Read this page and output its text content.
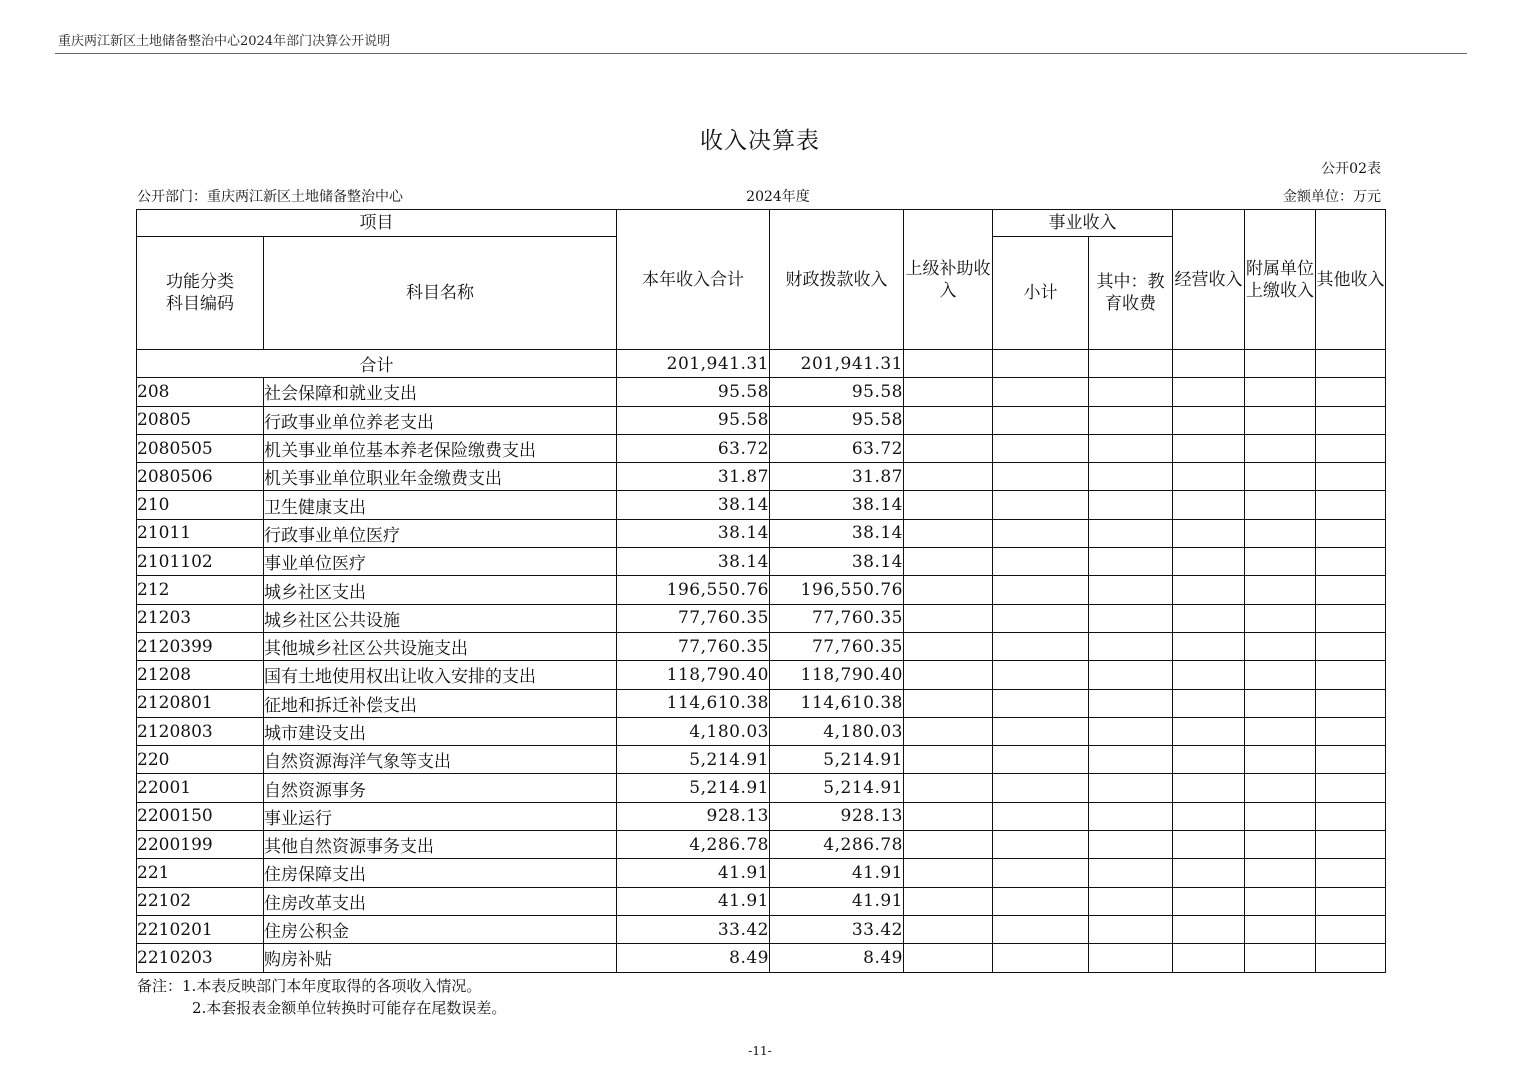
重庆两江新区土地储备整治中心2024年部门决算公开说明
收入决算表
公开02表
公开部门：重庆两江新区土地储备整治中心	2024年度	金额单位：万元
项目		本年收入合计	财政拨款收入	上级补助收入	事业收入		经营收入	附属单位上缴收入	其他收入
功能分类科目编码	科目名称				小计	其中：教育收费			
合计		201,941.31	201,941.31						
208	社会保障和就业支出	95.58	95.58						
20805	行政事业单位养老支出	95.58	95.58						
2080505	机关事业单位基本养老保险缴费支出	63.72	63.72						
2080506	机关事业单位职业年金缴费支出	31.87	31.87						
210	卫生健康支出	38.14	38.14						
21011	行政事业单位医疗	38.14	38.14						
2101102	事业单位医疗	38.14	38.14						
212	城乡社区支出	196,550.76	196,550.76						
21203	城乡社区公共设施	77,760.35	77,760.35						
2120399	其他城乡社区公共设施支出	77,760.35	77,760.35						
21208	国有土地使用权出让收入安排的支出	118,790.40	118,790.40						
2120801	征地和拆迁补偿支出	114,610.38	114,610.38						
2120803	城市建设支出	4,180.03	4,180.03						
220	自然资源海洋气象等支出	5,214.91	5,214.91						
22001	自然资源事务	5,214.91	5,214.91						
2200150	事业运行	928.13	928.13						
2200199	其他自然资源事务支出	4,286.78	4,286.78						
221	住房保障支出	41.91	41.91						
22102	住房改革支出	41.91	41.91						
2210201	住房公积金	33.42	33.42						
2210203	购房补贴	8.49	8.49						
备注：1.本表反映部门本年度取得的各项收入情况。
2.本套报表金额单位转换时可能存在尾数误差。
-11-
